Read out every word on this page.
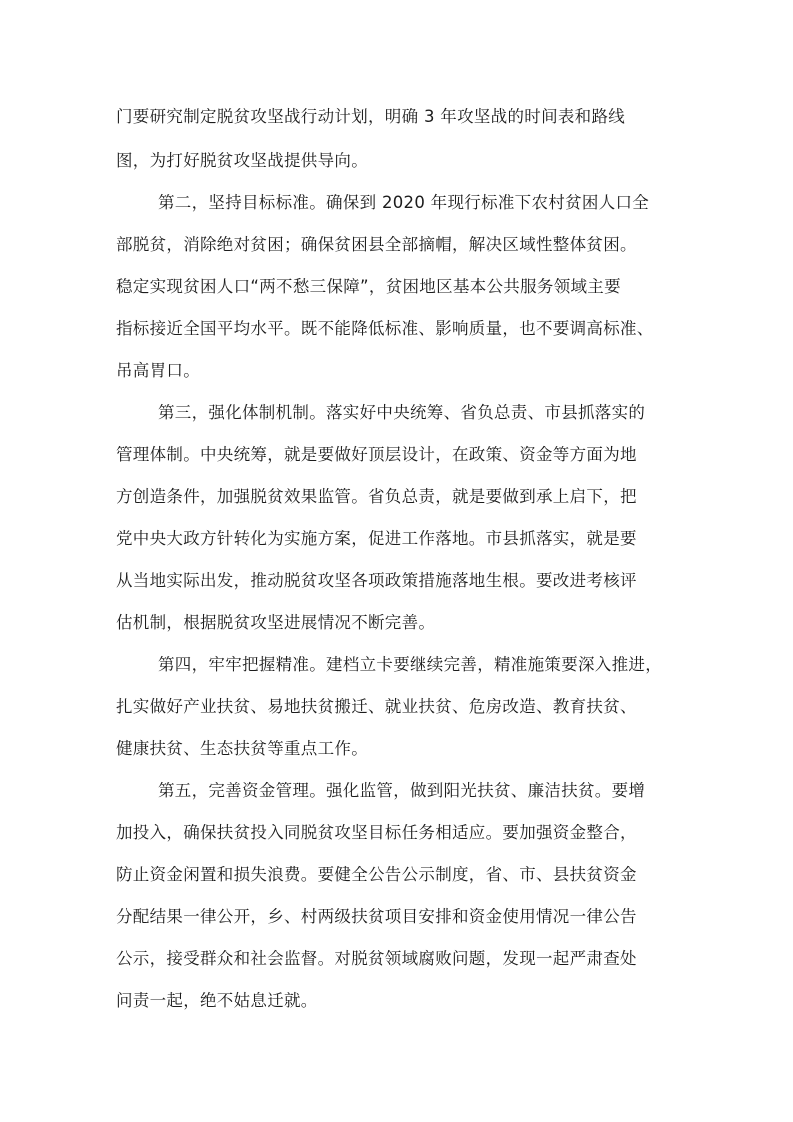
门要研究制定脱贫攻坚战行动计划，明确 3 年攻坚战的时间表和路线
图，为打好脱贫攻坚战提供导向。
第二，坚持目标标准。确保到 2020 年现行标准下农村贫困人口全
部脱贫，消除绝对贫困；确保贫困县全部摘帽，解决区域性整体贫困。
稳定实现贫困人口“两不愁三保障”，贫困地区基本公共服务领域主要
指标接近全国平均水平。既不能降低标准、影响质量，也不要调高标准、
吊高胃口。
第三，强化体制机制。落实好中央统筹、省负总责、市县抓落实的
管理体制。中央统筹，就是要做好顶层设计，在政策、资金等方面为地
方创造条件，加强脱贫效果监管。省负总责，就是要做到承上启下，把
党中央大政方针转化为实施方案，促进工作落地。市县抓落实，就是要
从当地实际出发，推动脱贫攻坚各项政策措施落地生根。要改进考核评
估机制，根据脱贫攻坚进展情况不断完善。
第四，牢牢把握精准。建档立卡要继续完善，精准施策要深入推进，
扎实做好产业扶贫、易地扶贫搬迁、就业扶贫、危房改造、教育扶贫、
健康扶贫、生态扶贫等重点工作。
第五，完善资金管理。强化监管，做到阳光扶贫、廉洁扶贫。要增
加投入，确保扶贫投入同脱贫攻坚目标任务相适应。要加强资金整合，
防止资金闲置和损失浪费。要健全公告公示制度，省、市、县扶贫资金
分配结果一律公开，乡、村两级扶贫项目安排和资金使用情况一律公告
公示，接受群众和社会监督。对脱贫领域腐败问题，发现一起严肃查处
问责一起，绝不姑息迁就。
